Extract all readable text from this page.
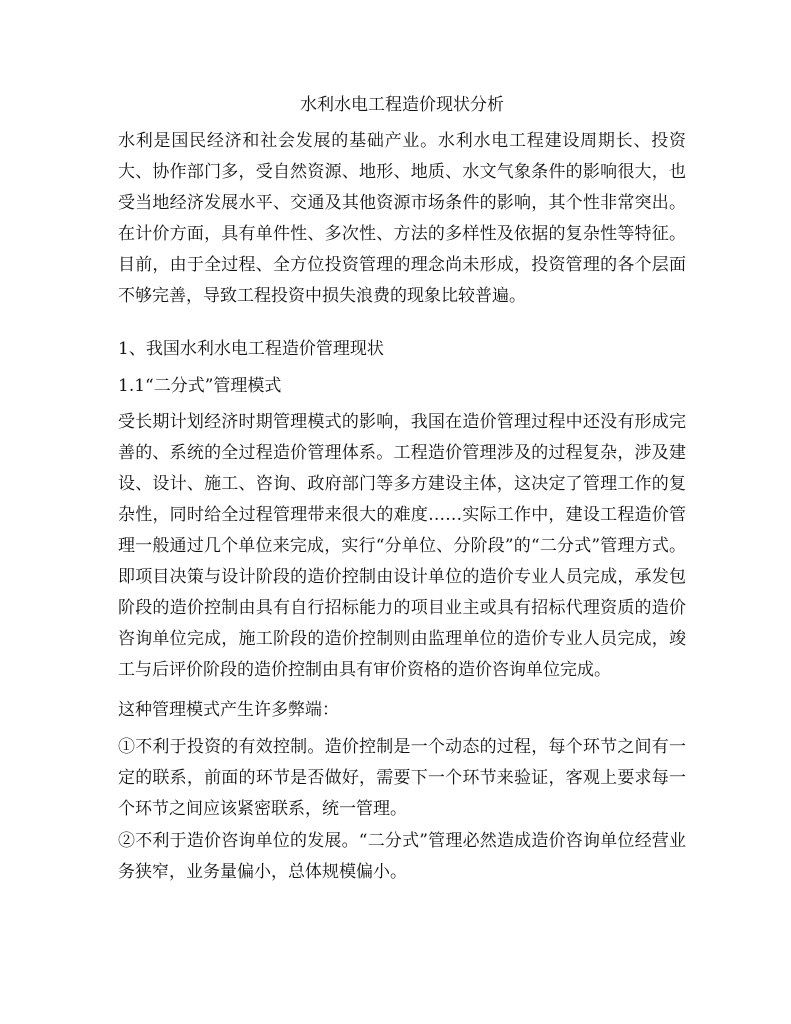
水利水电工程造价现状分析

水利是国民经济和社会发展的基础产业。水利水电工程建设周期长、投资大、协作部门多，受自然资源、地形、地质、水文气象条件的影响很大，也受当地经济发展水平、交通及其他资源市场条件的影响，其个性非常突出。在计价方面，具有单件性、多次性、方法的多样性及依据的复杂性等特征。目前，由于全过程、全方位投资管理的理念尚未形成，投资管理的各个层面不够完善，导致工程投资中损失浪费的现象比较普遍。

1、我国水利水电工程造价管理现状
1.1“二分式”管理模式

受长期计划经济时期管理模式的影响，我国在造价管理过程中还没有形成完善的、系统的全过程造价管理体系。工程造价管理涉及的过程复杂，涉及建设、设计、施工、咨询、政府部门等多方建设主体，这决定了管理工作的复杂性，同时给全过程管理带来很大的难度……实际工作中，建设工程造价管理一般通过几个单位来完成，实行“分单位、分阶段”的“二分式”管理方式。即项目决策与设计阶段的造价控制由设计单位的造价专业人员完成，承发包阶段的造价控制由具有自行招标能力的项目业主或具有招标代理资质的造价咨询单位完成，施工阶段的造价控制则由监理单位的造价专业人员完成，竣工与后评价阶段的造价控制由具有审价资格的造价咨询单位完成。

这种管理模式产生许多弊端：

①不利于投资的有效控制。造价控制是一个动态的过程，每个环节之间有一定的联系，前面的环节是否做好，需要下一个环节来验证，客观上要求每一个环节之间应该紧密联系，统一管理。

②不利于造价咨询单位的发展。“二分式”管理必然造成造价咨询单位经营业务狭窄，业务量偏小，总体规模偏小。
